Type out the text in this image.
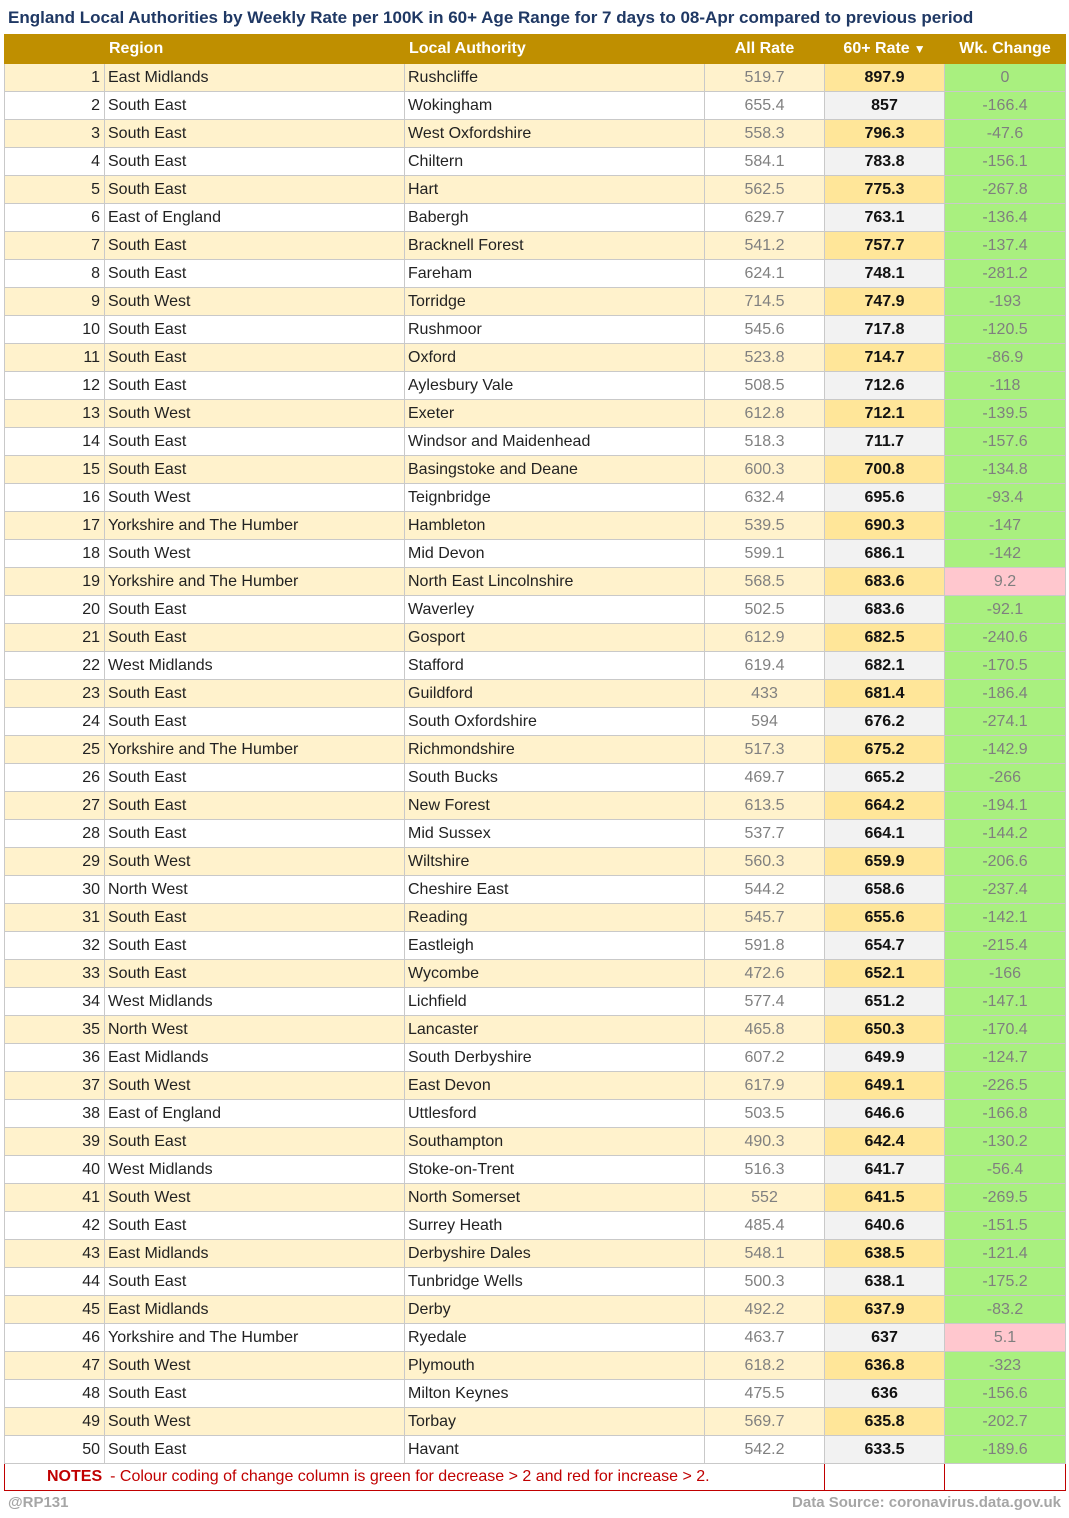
England Local Authorities by Weekly Rate per 100K in 60+ Age Range for 7 days to 08-Apr compared to previous period
	Region	Local Authority	All Rate	60+ Rate ▼	Wk. Change
1	East Midlands	Rushcliffe	519.7	897.9	0
2	South East	Wokingham	655.4	857	-166.4
3	South East	West Oxfordshire	558.3	796.3	-47.6
4	South East	Chiltern	584.1	783.8	-156.1
5	South East	Hart	562.5	775.3	-267.8
6	East of England	Babergh	629.7	763.1	-136.4
7	South East	Bracknell Forest	541.2	757.7	-137.4
8	South East	Fareham	624.1	748.1	-281.2
9	South West	Torridge	714.5	747.9	-193
10	South East	Rushmoor	545.6	717.8	-120.5
11	South East	Oxford	523.8	714.7	-86.9
12	South East	Aylesbury Vale	508.5	712.6	-118
13	South West	Exeter	612.8	712.1	-139.5
14	South East	Windsor and Maidenhead	518.3	711.7	-157.6
15	South East	Basingstoke and Deane	600.3	700.8	-134.8
16	South West	Teignbridge	632.4	695.6	-93.4
17	Yorkshire and The Humber	Hambleton	539.5	690.3	-147
18	South West	Mid Devon	599.1	686.1	-142
19	Yorkshire and The Humber	North East Lincolnshire	568.5	683.6	9.2
20	South East	Waverley	502.5	683.6	-92.1
21	South East	Gosport	612.9	682.5	-240.6
22	West Midlands	Stafford	619.4	682.1	-170.5
23	South East	Guildford	433	681.4	-186.4
24	South East	South Oxfordshire	594	676.2	-274.1
25	Yorkshire and The Humber	Richmondshire	517.3	675.2	-142.9
26	South East	South Bucks	469.7	665.2	-266
27	South East	New Forest	613.5	664.2	-194.1
28	South East	Mid Sussex	537.7	664.1	-144.2
29	South West	Wiltshire	560.3	659.9	-206.6
30	North West	Cheshire East	544.2	658.6	-237.4
31	South East	Reading	545.7	655.6	-142.1
32	South East	Eastleigh	591.8	654.7	-215.4
33	South East	Wycombe	472.6	652.1	-166
34	West Midlands	Lichfield	577.4	651.2	-147.1
35	North West	Lancaster	465.8	650.3	-170.4
36	East Midlands	South Derbyshire	607.2	649.9	-124.7
37	South West	East Devon	617.9	649.1	-226.5
38	East of England	Uttlesford	503.5	646.6	-166.8
39	South East	Southampton	490.3	642.4	-130.2
40	West Midlands	Stoke-on-Trent	516.3	641.7	-56.4
41	South West	North Somerset	552	641.5	-269.5
42	South East	Surrey Heath	485.4	640.6	-151.5
43	East Midlands	Derbyshire Dales	548.1	638.5	-121.4
44	South East	Tunbridge Wells	500.3	638.1	-175.2
45	East Midlands	Derby	492.2	637.9	-83.2
46	Yorkshire and The Humber	Ryedale	463.7	637	5.1
47	South West	Plymouth	618.2	636.8	-323
48	South East	Milton Keynes	475.5	636	-156.6
49	South West	Torbay	569.7	635.8	-202.7
50	South East	Havant	542.2	633.5	-189.6
NOTES - Colour coding of change column is green for decrease > 2 and red for increase > 2.					
@RP131	Data Source: coronavirus.data.gov.uk
